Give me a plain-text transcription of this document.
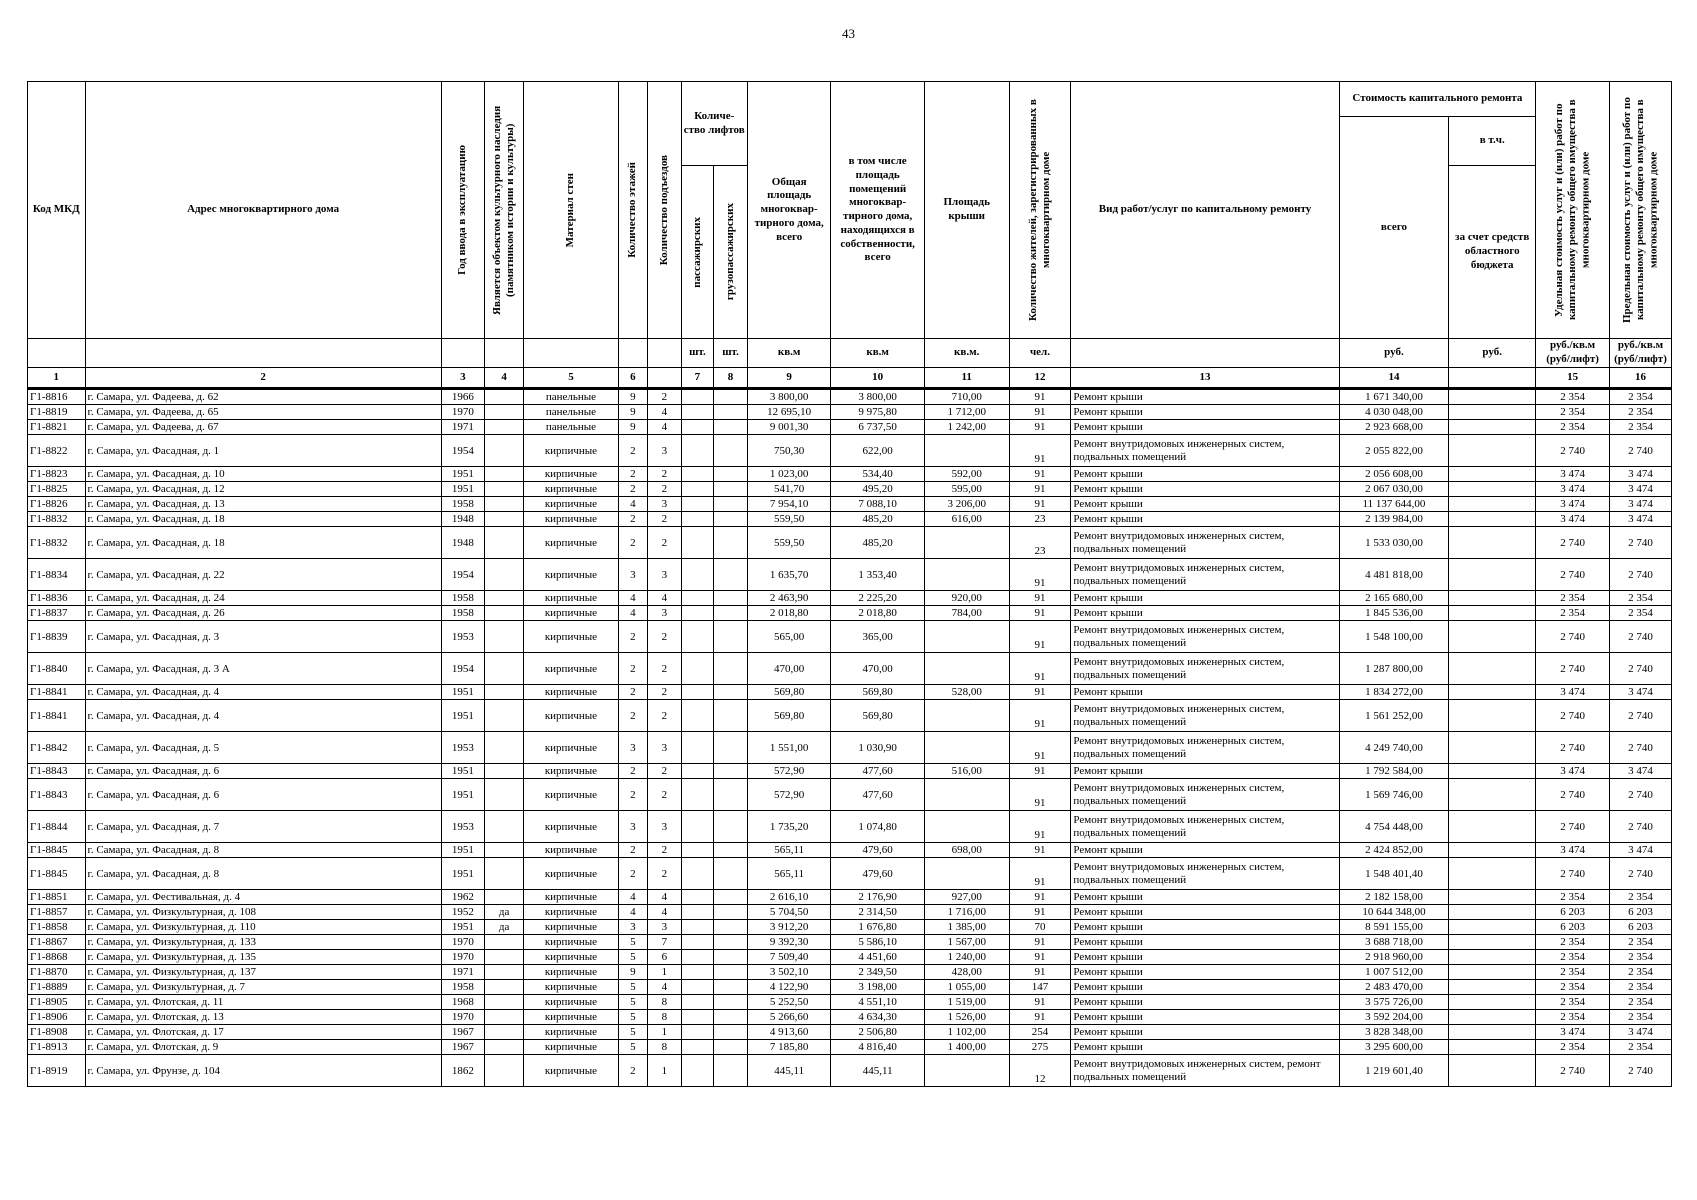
43
Код МКД	Адрес многоквартирного дома	Год ввода в эксплуатацию	Является объектом культурного наследия (памятником истории и культуры)	Материал стен	Количество этажей	Количество подъездов	Количе-ство лифтов		Общая площадь многоквар-тирного дома, всего	в том числе площадь помещений многоквар-тирного дома, находящихся в собственности, всего	Площадь крыши	Количество жителей, зарегистрированных в многоквартирном доме	Вид работ/услуг по капитальному ремонту	Стоимость капитального ремонта		Удельная стоимость услуг и (или) работ по капитальному ремонту общего имущества в многоквартирном доме	Предельная стоимость услуг и (или) работ по капитальному ремонту общего имущества в многоквартирном доме

														всего	в т.ч.		

							пассажирских	грузопассажирских							за счет средств областного бюджета		
							шт.	шт.	кв.м	кв.м	кв.м.	чел.		руб.	руб.	руб./кв.м (руб/лифт)	руб./кв.м (руб/лифт)
1	2	3	4	5	6		7	8	9	10	11	12	13	14		15	16
Г1-8816	г. Самара, ул. Фадеева, д. 62	1966		панельные	9	2			3 800,00	3 800,00	710,00	91	Ремонт крыши	1 671 340,00		2 354	2 354
Г1-8819	г. Самара, ул. Фадеева, д. 65	1970		панельные	9	4			12 695,10	9 975,80	1 712,00	91	Ремонт крыши	4 030 048,00		2 354	2 354
Г1-8821	г. Самара, ул. Фадеева, д. 67	1971		панельные	9	4			9 001,30	6 737,50	1 242,00	91	Ремонт крыши	2 923 668,00		2 354	2 354
Г1-8822	г. Самара, ул. Фасадная, д. 1	1954		кирпичные	2	3			750,30	622,00		91	Ремонт внутридомовых инженерных систем, подвальных помещений	2 055 822,00		2 740	2 740
Г1-8823	г. Самара, ул. Фасадная, д. 10	1951		кирпичные	2	2			1 023,00	534,40	592,00	91	Ремонт крыши	2 056 608,00		3 474	3 474
Г1-8825	г. Самара, ул. Фасадная, д. 12	1951		кирпичные	2	2			541,70	495,20	595,00	91	Ремонт крыши	2 067 030,00		3 474	3 474
Г1-8826	г. Самара, ул. Фасадная, д. 13	1958		кирпичные	4	3			7 954,10	7 088,10	3 206,00	91	Ремонт крыши	11 137 644,00		3 474	3 474
Г1-8832	г. Самара, ул. Фасадная, д. 18	1948		кирпичные	2	2			559,50	485,20	616,00	23	Ремонт крыши	2 139 984,00		3 474	3 474
Г1-8832	г. Самара, ул. Фасадная, д. 18	1948		кирпичные	2	2			559,50	485,20		23	Ремонт внутридомовых инженерных систем, подвальных помещений	1 533 030,00		2 740	2 740
Г1-8834	г. Самара, ул. Фасадная, д. 22	1954		кирпичные	3	3			1 635,70	1 353,40		91	Ремонт внутридомовых инженерных систем, подвальных помещений	4 481 818,00		2 740	2 740
Г1-8836	г. Самара, ул. Фасадная, д. 24	1958		кирпичные	4	4			2 463,90	2 225,20	920,00	91	Ремонт крыши	2 165 680,00		2 354	2 354
Г1-8837	г. Самара, ул. Фасадная, д. 26	1958		кирпичные	4	3			2 018,80	2 018,80	784,00	91	Ремонт крыши	1 845 536,00		2 354	2 354
Г1-8839	г. Самара, ул. Фасадная, д. 3	1953		кирпичные	2	2			565,00	365,00		91	Ремонт внутридомовых инженерных систем, подвальных помещений	1 548 100,00		2 740	2 740
Г1-8840	г. Самара, ул. Фасадная, д. 3 А	1954		кирпичные	2	2			470,00	470,00		91	Ремонт внутридомовых инженерных систем, подвальных помещений	1 287 800,00		2 740	2 740
Г1-8841	г. Самара, ул. Фасадная, д. 4	1951		кирпичные	2	2			569,80	569,80	528,00	91	Ремонт крыши	1 834 272,00		3 474	3 474
Г1-8841	г. Самара, ул. Фасадная, д. 4	1951		кирпичные	2	2			569,80	569,80		91	Ремонт внутридомовых инженерных систем, подвальных помещений	1 561 252,00		2 740	2 740
Г1-8842	г. Самара, ул. Фасадная, д. 5	1953		кирпичные	3	3			1 551,00	1 030,90		91	Ремонт внутридомовых инженерных систем, подвальных помещений	4 249 740,00		2 740	2 740
Г1-8843	г. Самара, ул. Фасадная, д. 6	1951		кирпичные	2	2			572,90	477,60	516,00	91	Ремонт крыши	1 792 584,00		3 474	3 474
Г1-8843	г. Самара, ул. Фасадная, д. 6	1951		кирпичные	2	2			572,90	477,60		91	Ремонт внутридомовых инженерных систем, подвальных помещений	1 569 746,00		2 740	2 740
Г1-8844	г. Самара, ул. Фасадная, д. 7	1953		кирпичные	3	3			1 735,20	1 074,80		91	Ремонт внутридомовых инженерных систем, подвальных помещений	4 754 448,00		2 740	2 740
Г1-8845	г. Самара, ул. Фасадная, д. 8	1951		кирпичные	2	2			565,11	479,60	698,00	91	Ремонт крыши	2 424 852,00		3 474	3 474
Г1-8845	г. Самара, ул. Фасадная, д. 8	1951		кирпичные	2	2			565,11	479,60		91	Ремонт внутридомовых инженерных систем, подвальных помещений	1 548 401,40		2 740	2 740
Г1-8851	г. Самара, ул. Фестивальная, д. 4	1962		кирпичные	4	4			2 616,10	2 176,90	927,00	91	Ремонт крыши	2 182 158,00		2 354	2 354
Г1-8857	г. Самара, ул. Физкультурная, д. 108	1952	да	кирпичные	4	4			5 704,50	2 314,50	1 716,00	91	Ремонт крыши	10 644 348,00		6 203	6 203
Г1-8858	г. Самара, ул. Физкультурная, д. 110	1951	да	кирпичные	3	3			3 912,20	1 676,80	1 385,00	70	Ремонт крыши	8 591 155,00		6 203	6 203
Г1-8867	г. Самара, ул. Физкультурная, д. 133	1970		кирпичные	5	7			9 392,30	5 586,10	1 567,00	91	Ремонт крыши	3 688 718,00		2 354	2 354
Г1-8868	г. Самара, ул. Физкультурная, д. 135	1970		кирпичные	5	6			7 509,40	4 451,60	1 240,00	91	Ремонт крыши	2 918 960,00		2 354	2 354
Г1-8870	г. Самара, ул. Физкультурная, д. 137	1971		кирпичные	9	1			3 502,10	2 349,50	428,00	91	Ремонт крыши	1 007 512,00		2 354	2 354
Г1-8889	г. Самара, ул. Физкультурная, д. 7	1958		кирпичные	5	4			4 122,90	3 198,00	1 055,00	147	Ремонт крыши	2 483 470,00		2 354	2 354
Г1-8905	г. Самара, ул. Флотская, д. 11	1968		кирпичные	5	8			5 252,50	4 551,10	1 519,00	91	Ремонт крыши	3 575 726,00		2 354	2 354
Г1-8906	г. Самара, ул. Флотская, д. 13	1970		кирпичные	5	8			5 266,60	4 634,30	1 526,00	91	Ремонт крыши	3 592 204,00		2 354	2 354
Г1-8908	г. Самара, ул. Флотская, д. 17	1967		кирпичные	5	1			4 913,60	2 506,80	1 102,00	254	Ремонт крыши	3 828 348,00		3 474	3 474
Г1-8913	г. Самара, ул. Флотская, д. 9	1967		кирпичные	5	8			7 185,80	4 816,40	1 400,00	275	Ремонт крыши	3 295 600,00		2 354	2 354
Г1-8919	г. Самара, ул. Фрунзе, д. 104	1862		кирпичные	2	1			445,11	445,11		12	Ремонт внутридомовых инженерных систем, ремонт подвальных помещений	1 219 601,40		2 740	2 740
